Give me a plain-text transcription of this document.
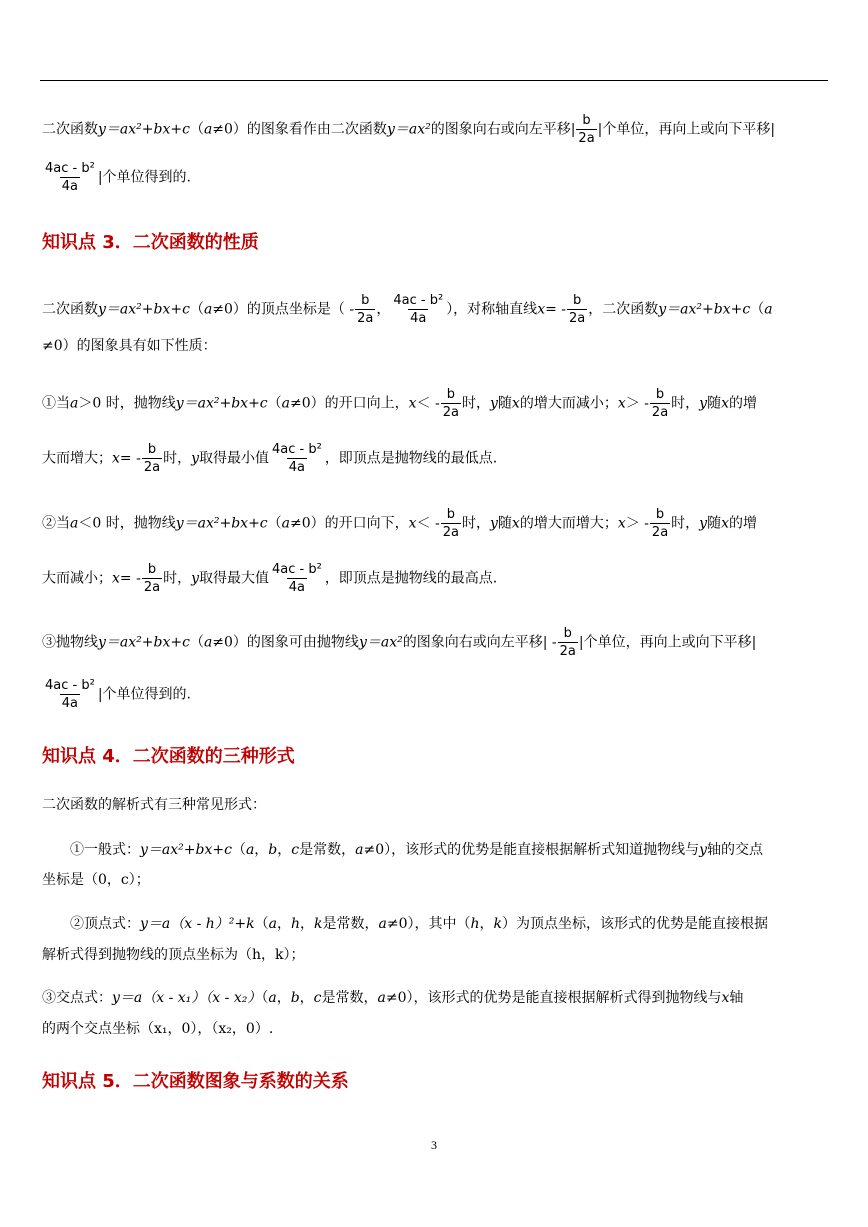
二次函数y＝ax²+bx+c（a≠0）的图象看作由二次函数y＝ax²的图象向右或向左平移| $\frac{b}{2a}$ |个单位，再向上或向下平移|
$\frac{\text{4ac - b²}}{4a}$ |个单位得到的.
知识点 3．二次函数的性质
二次函数y＝ax²+bx+c（a≠0）的顶点坐标是（ - $\frac{b}{2a}$ ， $\frac{\text{4ac - b²}}{4a}$ ），对称轴直线$x= - \frac{b}{2a}$ ，二次函数y＝ax²+bx+c（a
≠0）的图象具有如下性质：
①当a＞0 时，抛物线y＝ax²+bx+c（a≠0）的开口向上，$x< - \frac{b}{2a}$ 时，y随x的增大而减小；$x> - \frac{b}{2a}$ 时，y随x的增
大而增大；$x= - \frac{b}{2a}$ 时，y取得最小值 $\frac{\text{4ac - b²}}{4a}$ ，即顶点是抛物线的最低点.
②当a＜0 时，抛物线y＝ax²+bx+c（a≠0）的开口向下，$x< - \frac{b}{2a}$ 时，y随x的增大而增大；$x> - \frac{b}{2a}$ 时，y随x的增
大而减小；$x= - \frac{b}{2a}$ 时，y取得最大值 $\frac{\text{4ac - b²}}{4a}$ ，即顶点是抛物线的最高点.
③抛物线y＝ax²+bx+c（a≠0）的图象可由抛物线y＝ax²的图象向右或向左平移| - $\frac{b}{2a}$ |个单位，再向上或向下平移|
$\frac{\text{4ac - b²}}{4a}$ |个单位得到的.
知识点 4．二次函数的三种形式
二次函数的解析式有三种常见形式：
①一般式：y＝ax²+bx+c（a，b，c是常数，a≠0），该形式的优势是能直接根据解析式知道抛物线与y轴的交点
坐标是（0，c）；
②顶点式：y＝a（x - h）²+k（a，h，k是常数，a≠0），其中（h，k）为顶点坐标，该形式的优势是能直接根据
解析式得到抛物线的顶点坐标为（h，k）；
③交点式：y＝a（x - x₁）（x - x₂）（a，b，c是常数，a≠0），该形式的优势是能直接根据解析式得到抛物线与x轴
的两个交点坐标（x₁，0），（x₂，0）.
知识点 5．二次函数图象与系数的关系
3
